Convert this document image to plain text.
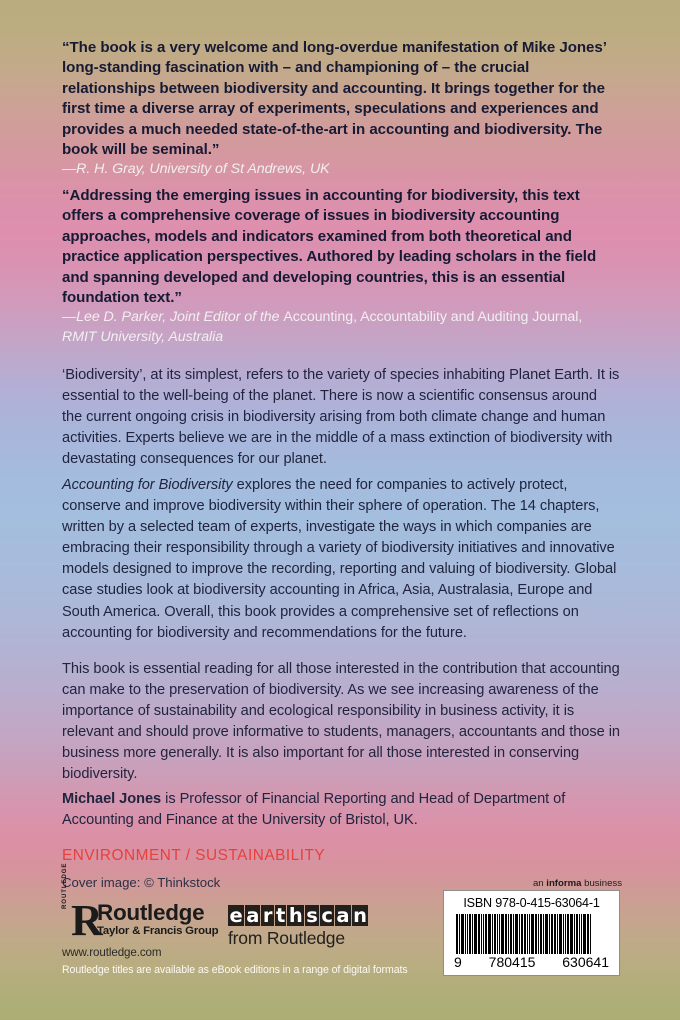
“The book is a very welcome and long-overdue manifestation of Mike Jones’ long-standing fascination with – and championing of – the crucial relationships between biodiversity and accounting. It brings together for the first time a diverse array of experiments, speculations and experiences and provides a much needed state-of-the-art in accounting and biodiversity. The book will be seminal.”

—R. H. Gray, University of St Andrews, UK

“Addressing the emerging issues in accounting for biodiversity, this text offers a comprehensive coverage of issues in biodiversity accounting approaches, models and indicators examined from both theoretical and practice application perspectives. Authored by leading scholars in the field and spanning developed and developing countries, this is an essential foundation text.”

—Lee D. Parker, Joint Editor of the Accounting, Accountability and Auditing Journal, RMIT University, Australia

‘Biodiversity’, at its simplest, refers to the variety of species inhabiting Planet Earth. It is essential to the well-being of the planet. There is now a scientific consensus around the current ongoing crisis in biodiversity arising from both climate change and human activities. Experts believe we are in the middle of a mass extinction of biodiversity with devastating consequences for our planet.

Accounting for Biodiversity explores the need for companies to actively protect, conserve and improve biodiversity within their sphere of operation. The 14 chapters, written by a selected team of experts, investigate the ways in which companies are embracing their responsibility through a variety of biodiversity initiatives and innovative models designed to improve the recording, reporting and valuing of biodiversity. Global case studies look at biodiversity accounting in Africa, Asia, Australasia, Europe and South America. Overall, this book provides a comprehensive set of reflections on accounting for biodiversity and recommendations for the future.

This book is essential reading for all those interested in the contribution that accounting can make to the preservation of biodiversity. As we see increasing awareness of the importance of sustainability and ecological responsibility in business activity, it is relevant and should prove informative to students, managers, accountants and those in business more generally. It is also important for all those interested in conserving biodiversity.

Michael Jones is Professor of Financial Reporting and Head of Department of Accounting and Finance at the University of Bristol, UK.

ENVIRONMENT / SUSTAINABILITY

Cover image: © Thinkstock

ROUTLEDGE
R
Routledge
Taylor & Francis Group
www.routledge.com
e a r t h s c a n
from Routledge
an informa business
ISBN 978-0-415-63064-1
9 780415 630641
Routledge titles are available as eBook editions in a range of digital formats
